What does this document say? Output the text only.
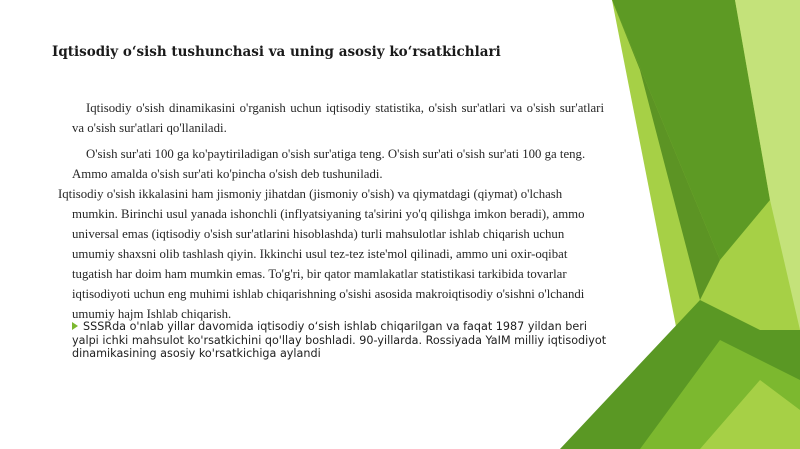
Iqtisodiy o‘sish tushunchasi va uning asosiy ko‘rsatkichlari

Iqtisodiy o'sish dinamikasini o'rganish uchun iqtisodiy statistika, o'sish sur'atlari va o'sish sur'atlari va o'sish sur'atlari qo'llaniladi.

O'sish sur'ati 100 ga ko'paytiriladigan o'sish sur'atiga teng. O'sish sur'ati o'sish sur'ati 100 ga teng. Ammo amalda o'sish sur'ati ko'pincha o'sish deb tushuniladi.
Iqtisodiy o'sish ikkalasini ham jismoniy jihatdan (jismoniy o'sish) va qiymatdagi (qiymat) o'lchash mumkin. Birinchi usul yanada ishonchli (inflyatsiyaning ta'sirini yo'q qilishga imkon beradi), ammo universal emas (iqtisodiy o'sish sur'atlarini hisoblashda) turli mahsulotlar ishlab chiqarish uchun umumiy shaxsni olib tashlash qiyin. Ikkinchi usul tez-tez iste'mol qilinadi, ammo uni oxir-oqibat tugatish har doim ham mumkin emas. To'g'ri, bir qator mamlakatlar statistikasi tarkibida tovarlar iqtisodiyoti uchun eng muhimi ishlab chiqarishning o'sishi asosida makroiqtisodiy o'sishni o'lchandi umumiy hajm Ishlab chiqarish.
SSSRda o'nlab yillar davomida iqtisodiy o‘sish ishlab chiqarilgan va faqat 1987 yildan beri yalpi ichki mahsulot ko'rsatkichini qo'llay boshladi. 90-yillarda. Rossiyada YaIM milliy iqtisodiyot dinamikasining asosiy ko'rsatkichiga aylandi
